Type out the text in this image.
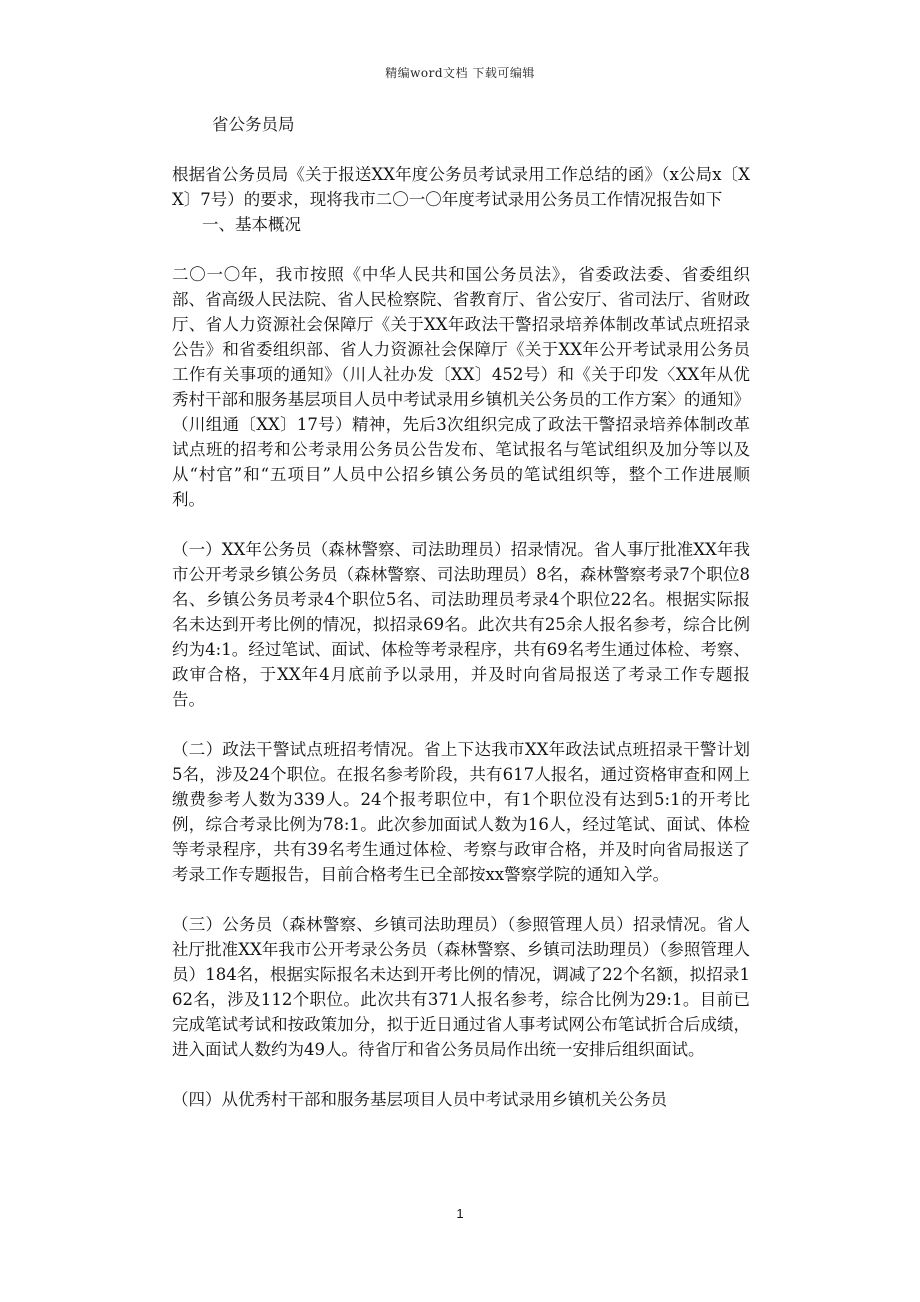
精编word文档 下载可编辑

省公务员局

根据省公务员局《关于报送XX年度公务员考试录用工作总结的函》（x公局x〔XX〕7号）的要求，现将我市二〇一〇年度考试录用公务员工作情况报告如下

一、基本概况

二〇一〇年，我市按照《中华人民共和国公务员法》，省委政法委、省委组织部、省高级人民法院、省人民检察院、省教育厅、省公安厅、省司法厅、省财政厅、省人力资源社会保障厅《关于XX年政法干警招录培养体制改革试点班招录公告》和省委组织部、省人力资源社会保障厅《关于XX年公开考试录用公务员工作有关事项的通知》（川人社办发〔XX〕452号）和《关于印发〈XX年从优秀村干部和服务基层项目人员中考试录用乡镇机关公务员的工作方案〉的通知》（川组通〔XX〕17号）精神，先后3次组织完成了政法干警招录培养体制改革试点班的招考和公考录用公务员公告发布、笔试报名与笔试组织及加分等以及从“村官”和“五项目”人员中公招乡镇公务员的笔试组织等，整个工作进展顺利。

（一）XX年公务员（森林警察、司法助理员）招录情况。省人事厅批准XX年我市公开考录乡镇公务员（森林警察、司法助理员）8名，森林警察考录7个职位8名、乡镇公务员考录4个职位5名、司法助理员考录4个职位22名。根据实际报名未达到开考比例的情况，拟招录69名。此次共有25余人报名参考，综合比例约为4:1。经过笔试、面试、体检等考录程序，共有69名考生通过体检、考察、政审合格，于XX年4月底前予以录用，并及时向省局报送了考录工作专题报告。

（二）政法干警试点班招考情况。省上下达我市XX年政法试点班招录干警计划5名，涉及24个职位。在报名参考阶段，共有617人报名，通过资格审查和网上缴费参考人数为339人。24个报考职位中，有1个职位没有达到5:1的开考比例，综合考录比例为78:1。此次参加面试人数为16人，经过笔试、面试、体检等考录程序，共有39名考生通过体检、考察与政审合格，并及时向省局报送了考录工作专题报告，目前合格考生已全部按xx警察学院的通知入学。

（三）公务员（森林警察、乡镇司法助理员）（参照管理人员）招录情况。省人社厅批准XX年我市公开考录公务员（森林警察、乡镇司法助理员）（参照管理人员）184名，根据实际报名未达到开考比例的情况，调减了22个名额，拟招录162名，涉及112个职位。此次共有371人报名参考，综合比例为29:1。目前已完成笔试考试和按政策加分，拟于近日通过省人事考试网公布笔试折合后成绩，进入面试人数约为49人。待省厅和省公务员局作出统一安排后组织面试。

（四）从优秀村干部和服务基层项目人员中考试录用乡镇机关公务员

1
